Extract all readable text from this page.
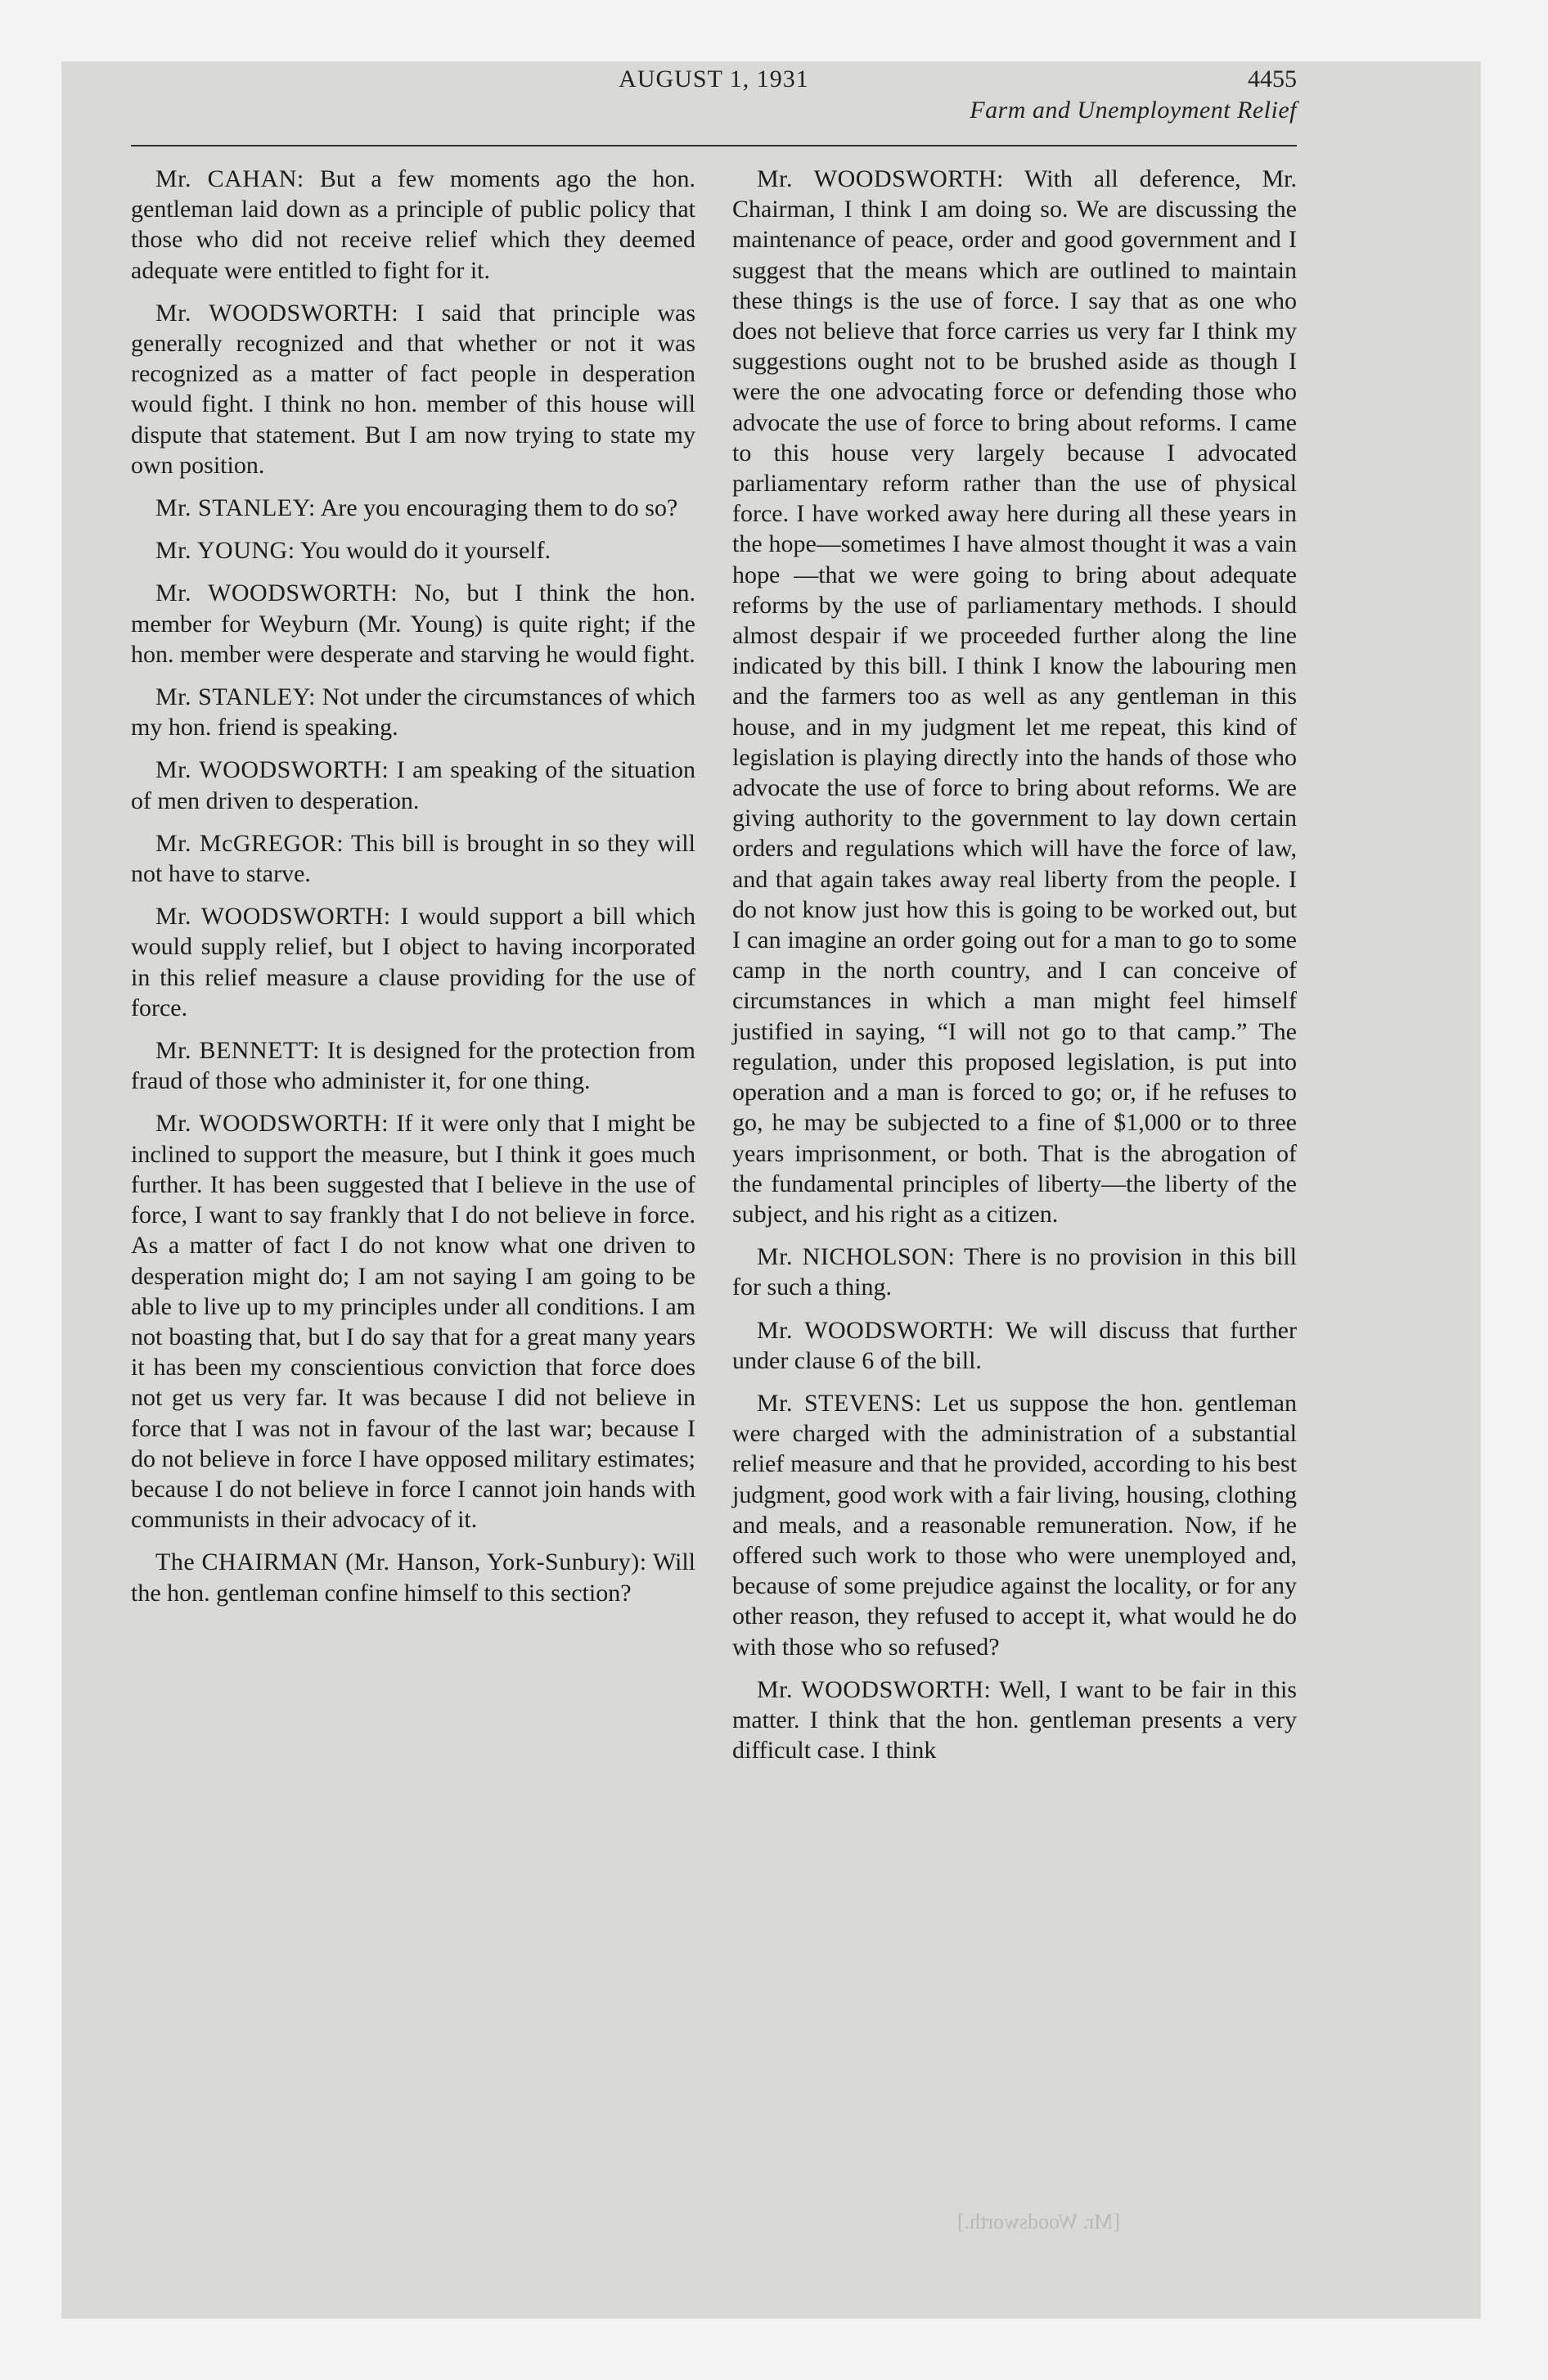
AUGUST 1, 1931	4455
Farm and Unemployment Relief

Mr. CAHAN: But a few moments ago the hon. gentleman laid down as a principle of public policy that those who did not receive relief which they deemed adequate were entitled to fight for it.

Mr. WOODSWORTH: I said that principle was generally recognized and that whether or not it was recognized as a matter of fact people in desperation would fight. I think no hon. member of this house will dispute that statement. But I am now trying to state my own position.

Mr. STANLEY: Are you encouraging them to do so?

Mr. YOUNG: You would do it yourself.

Mr. WOODSWORTH: No, but I think the hon. member for Weyburn (Mr. Young) is quite right; if the hon. member were desperate and starving he would fight.

Mr. STANLEY: Not under the circumstances of which my hon. friend is speaking.

Mr. WOODSWORTH: I am speaking of the situation of men driven to desperation.

Mr. McGREGOR: This bill is brought in so they will not have to starve.

Mr. WOODSWORTH: I would support a bill which would supply relief, but I object to having incorporated in this relief measure a clause providing for the use of force.

Mr. BENNETT: It is designed for the protection from fraud of those who administer it, for one thing.

Mr. WOODSWORTH: If it were only that I might be inclined to support the measure, but I think it goes much further. It has been suggested that I believe in the use of force, I want to say frankly that I do not believe in force. As a matter of fact I do not know what one driven to desperation might do; I am not saying I am going to be able to live up to my principles under all conditions. I am not boasting that, but I do say that for a great many years it has been my conscientious conviction that force does not get us very far. It was because I did not believe in force that I was not in favour of the last war; because I do not believe in force I have opposed military estimates; because I do not believe in force I cannot join hands with communists in their advocacy of it.

The CHAIRMAN (Mr. Hanson, York-Sunbury): Will the hon. gentleman confine himself to this section?

Mr. WOODSWORTH: With all deference, Mr. Chairman, I think I am doing so. We are discussing the maintenance of peace, order and good government and I suggest that the means which are outlined to maintain these things is the use of force. I say that as one who does not believe that force carries us very far I think my suggestions ought not to be brushed aside as though I were the one advocating force or defending those who advocate the use of force to bring about reforms. I came to this house very largely because I advocated parliamentary reform rather than the use of physical force. I have worked away here during all these years in the hope—sometimes I have almost thought it was a vain hope —that we were going to bring about adequate reforms by the use of parliamentary methods. I should almost despair if we proceeded further along the line indicated by this bill. I think I know the labouring men and the farmers too as well as any gentleman in this house, and in my judgment let me repeat, this kind of legislation is playing directly into the hands of those who advocate the use of force to bring about reforms. We are giving authority to the government to lay down certain orders and regulations which will have the force of law, and that again takes away real liberty from the people. I do not know just how this is going to be worked out, but I can imagine an order going out for a man to go to some camp in the north country, and I can conceive of circumstances in which a man might feel himself justified in saying, “I will not go to that camp.” The regulation, under this proposed legislation, is put into operation and a man is forced to go; or, if he refuses to go, he may be subjected to a fine of $1,000 or to three years imprisonment, or both. That is the abrogation of the fundamental principles of liberty—the liberty of the subject, and his right as a citizen.

Mr. NICHOLSON: There is no provision in this bill for such a thing.

Mr. WOODSWORTH: We will discuss that further under clause 6 of the bill.

Mr. STEVENS: Let us suppose the hon. gentleman were charged with the administration of a substantial relief measure and that he provided, according to his best judgment, good work with a fair living, housing, clothing and meals, and a reasonable remuneration. Now, if he offered such work to those who were unemployed and, because of some prejudice against the locality, or for any other reason, they refused to accept it, what would he do with those who so refused?

Mr. WOODSWORTH: Well, I want to be fair in this matter. I think that the hon. gentleman presents a very difficult case. I think

[Mr. Woodsworth.]
